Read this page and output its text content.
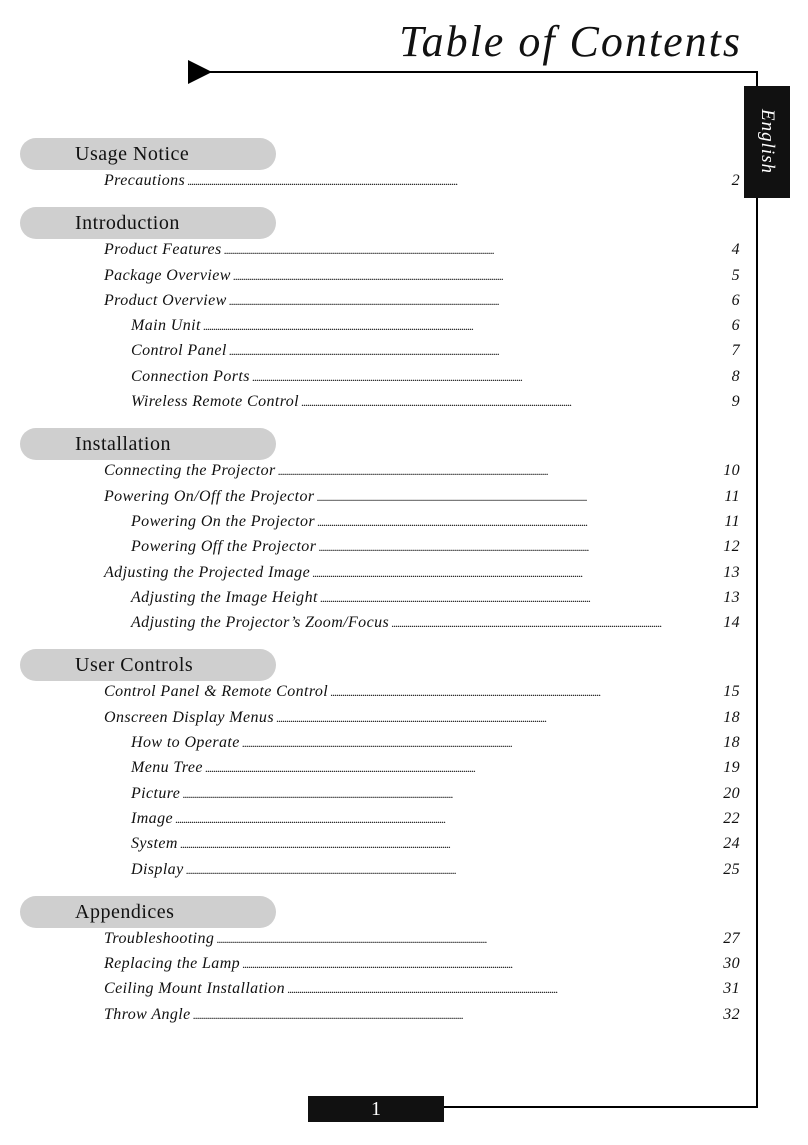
Table of Contents
English
1
Usage Notice
Precautions . . .	2
Introduction
Product Features . . .	4
Package Overview . . .	5
Product Overview . . .	6
Main Unit . . .	6
Control Panel . . .	7
Connection Ports . . .	8
Wireless Remote Control . . .	9
Installation
Connecting the Projector . . .	10
Powering On/Off the Projector . . .	11
Powering On the Projector . . .	11
Powering Off the Projector . . .	12
Adjusting the Projected Image . . .	13
Adjusting the Image Height . . .	13
Adjusting the Projector’s Zoom/Focus . . .	14
User Controls
Control Panel & Remote Control . . .	15
Onscreen Display Menus . . .	18
How to Operate . . .	18
Menu Tree . . .	19
Picture . . .	20
Image . . .	22
System . . .	24
Display . . .	25
Appendices
Troubleshooting . . .	27
Replacing the Lamp . . .	30
Ceiling Mount Installation . . .	31
Throw Angle . . .	32
